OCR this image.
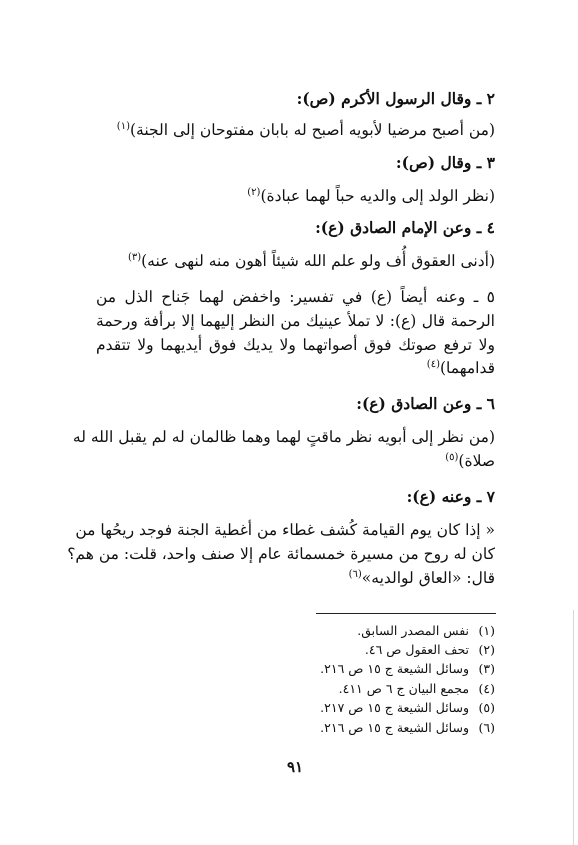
٢ ـ وقال الرسول الأكرم (ص):
(من أصبح مرضيا لأبويه أصبح له بابان مفتوحان إلى الجنة)$^{(١)}$
٣ ـ وقال (ص):
(نظر الولد إلى والديه حباً لهما عبادة)$^{(٢)}$
٤ ـ وعن الإمام الصادق (ع):
(أدنى العقوق أُف ولو علم الله شيئاً أهون منه لنهى عنه)$^{(٣)}$
٥ ـ وعنه أيضاً (ع) في تفسير: واخفض لهما جَناح الذل من
الرحمة قال (ع): لا تملأ عينيك من النظر إليهما إلا برأفة ورحمة
ولا ترفع صوتك فوق أصواتهما ولا يديك فوق أيديهما ولا تتقدم
قدامهما)$^{(٤)}$
٦ ـ وعن الصادق (ع):
(من نظر إلى أبويه نظر ماقتٍ لهما وهما ظالمان له لم يقبل الله له
صلاة)$^{(٥)}$
٧ ـ وعنه (ع):
« إذا كان يوم القيامة كُشف غطاء من أغطية الجنة فوجد ريحُها من
كان له روح من مسيرة خمسمائة عام إلا صنف واحد، قلت: من هم؟
قال: «العاق لوالديه»$^{(٦)}$
(١) نفس المصدر السابق.
(٢) تحف العقول ص ٤٦.
(٣) وسائل الشيعة ج ١٥ ص ٢١٦.
(٤) مجمع البيان ج ٦ ص ٤١١.
(٥) وسائل الشيعة ج ١٥ ص ٢١٧.
(٦) وسائل الشيعة ج ١٥ ص ٢١٦.
٩١
